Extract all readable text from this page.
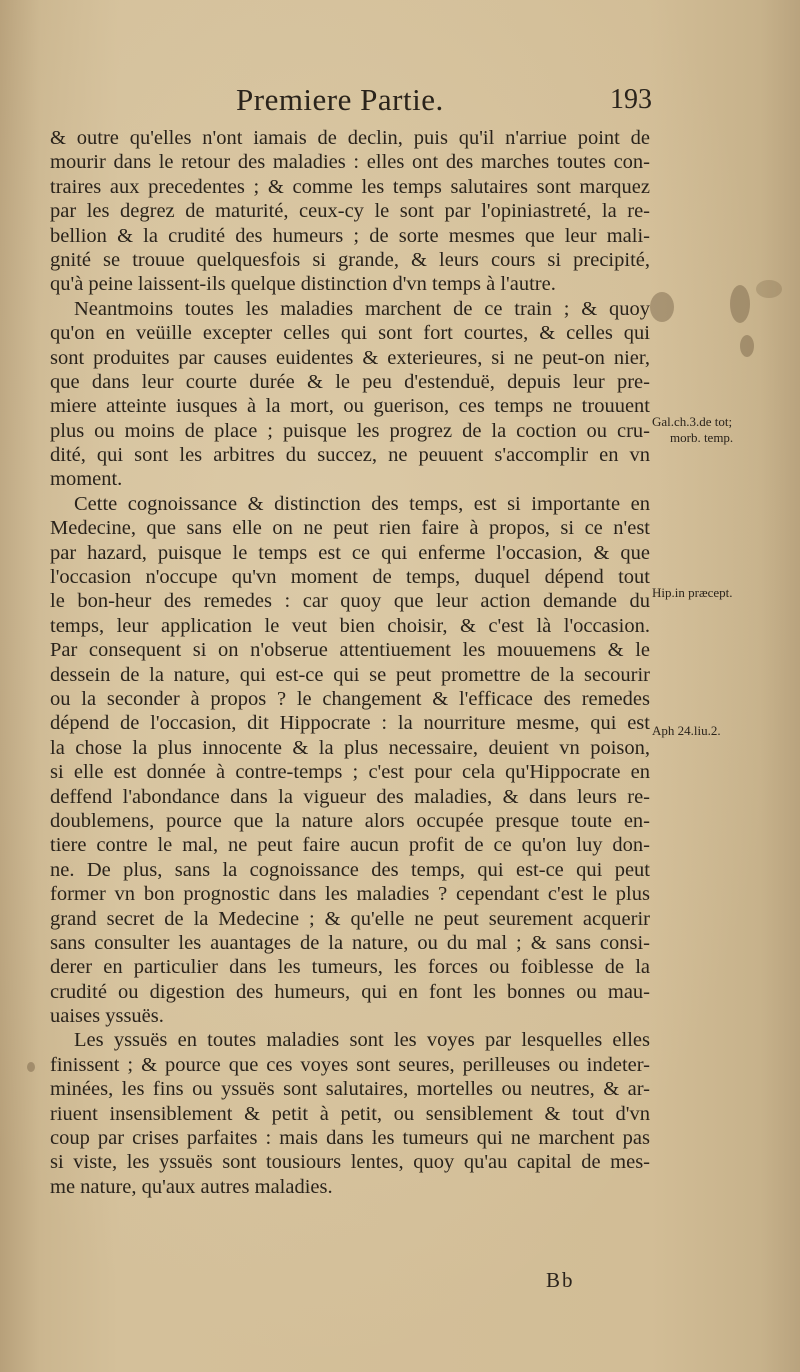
Premiere Partie.	193
& outre qu'elles n'ont iamais de declin, puis qu'il n'arriue point de
mourir dans le retour des maladies : elles ont des marches toutes con-
traires aux precedentes ; & comme les temps salutaires sont marquez
par les degrez de maturité, ceux-cy le sont par l'opiniastreté, la re-
bellion & la crudité des humeurs ; de sorte mesmes que leur mali-
gnité se trouue quelquesfois si grande, & leurs cours si precipité,
qu'à peine laissent-ils quelque distinction d'vn temps à l'autre.
Neantmoins toutes les maladies marchent de ce train ; & quoy
qu'on en veüille excepter celles qui sont fort courtes, & celles qui
sont produites par causes euidentes & exterieures, si ne peut-on nier,
que dans leur courte durée & le peu d'estenduë, depuis leur pre-
miere atteinte iusques à la mort, ou guerison, ces temps ne trouuent
plus ou moins de place ; puisque les progrez de la coction ou cru-
dité, qui sont les arbitres du succez, ne peuuent s'accomplir en vn
moment.
Cette cognoissance & distinction des temps, est si importante en
Medecine, que sans elle on ne peut rien faire à propos, si ce n'est
par hazard, puisque le temps est ce qui enferme l'occasion, & que
l'occasion n'occupe qu'vn moment de temps, duquel dépend tout
le bon-heur des remedes : car quoy que leur action demande du
temps, leur application le veut bien choisir, & c'est là l'occasion.
Par consequent si on n'obserue attentiuement les mouuemens & le
dessein de la nature, qui est-ce qui se peut promettre de la secourir
ou la seconder à propos ? le changement & l'efficace des remedes
dépend de l'occasion, dit Hippocrate : la nourriture mesme, qui est
la chose la plus innocente & la plus necessaire, deuient vn poison,
si elle est donnée à contre-temps ; c'est pour cela qu'Hippocrate en
deffend l'abondance dans la vigueur des maladies, & dans leurs re-
doublemens, pource que la nature alors occupée presque toute en-
tiere contre le mal, ne peut faire aucun profit de ce qu'on luy don-
ne. De plus, sans la cognoissance des temps, qui est-ce qui peut
former vn bon prognostic dans les maladies ? cependant c'est le plus
grand secret de la Medecine ; & qu'elle ne peut seurement acquerir
sans consulter les auantages de la nature, ou du mal ; & sans consi-
derer en particulier dans les tumeurs, les forces ou foiblesse de la
crudité ou digestion des humeurs, qui en font les bonnes ou mau-
uaises yssuës.
Les yssuës en toutes maladies sont les voyes par lesquelles elles
finissent ; & pource que ces voyes sont seures, perilleuses ou indeter-
minées, les fins ou yssuës sont salutaires, mortelles ou neutres, & ar-
riuent insensiblement & petit à petit, ou sensiblement & tout d'vn
coup par crises parfaites : mais dans les tumeurs qui ne marchent pas
si viste, les yssuës sont tousiours lentes, quoy qu'au capital de mes-
me nature, qu'aux autres maladies.
Gal.ch.3.de tot;
morb. temp.
Hip.in præcept.
Aph 24.liu.2.
Bb
